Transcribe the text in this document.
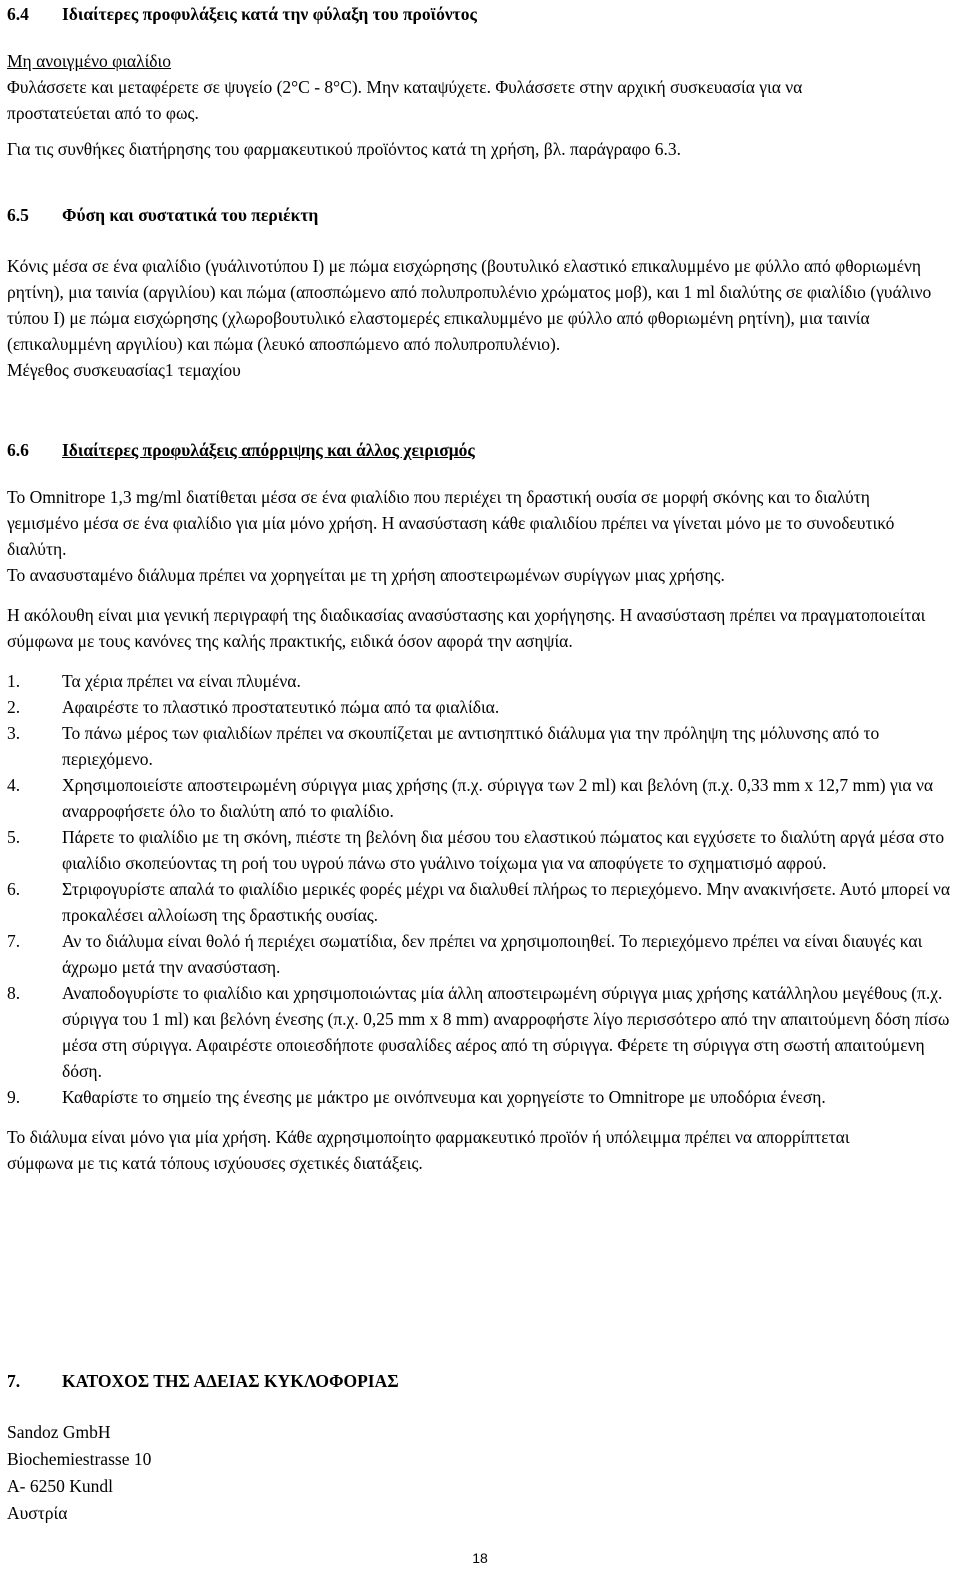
6.4 Ιδιαίτερες προφυλάξεις κατά την φύλαξη του προϊόντος

Μη ανοιγμένο φιαλίδιο

Φυλάσσετε και μεταφέρετε σε ψυγείο (2°C - 8°C). Μην καταψύχετε. Φυλάσσετε στην αρχική συσκευασία για να προστατεύεται από το φως.

Για τις συνθήκες διατήρησης του φαρμακευτικού προϊόντος κατά τη χρήση, βλ. παράγραφο 6.3.

6.5 Φύση και συστατικά του περιέκτη

Κόνις μέσα σε ένα φιαλίδιο (γυάλινοτύπου I) με πώμα εισχώρησης (βουτυλικό ελαστικό επικαλυμμένο με φύλλο από φθοριωμένη ρητίνη), μια ταινία (αργιλίου) και πώμα (αποσπώμενο από πολυπροπυλένιο χρώματος μοβ), και 1 ml διαλύτης σε φιαλίδιο (γυάλινο τύπου I) με πώμα εισχώρησης (χλωροβουτυλικό ελαστομερές επικαλυμμένο με φύλλο από φθοριωμένη ρητίνη), μια ταινία (επικαλυμμένη αργιλίου) και πώμα (λευκό αποσπώμενο από πολυπροπυλένιο).

Μέγεθος συσκευασίας1 τεμαχίου

6.6 Ιδιαίτερες προφυλάξεις απόρριψης και άλλος χειρισμός

Το Omnitrope 1,3 mg/ml διατίθεται μέσα σε ένα φιαλίδιο που περιέχει τη δραστική ουσία σε μορφή σκόνης και το διαλύτη γεμισμένο μέσα σε ένα φιαλίδιο για μία μόνο χρήση. Η ανασύσταση κάθε φιαλιδίου πρέπει να γίνεται μόνο με το συνοδευτικό διαλύτη.

Το ανασυσταμένο διάλυμα πρέπει να χορηγείται με τη χρήση αποστειρωμένων συρίγγων μιας χρήσης.

Η ακόλουθη είναι μια γενική περιγραφή της διαδικασίας ανασύστασης και χορήγησης. Η ανασύσταση πρέπει να πραγματοποιείται σύμφωνα με τους κανόνες της καλής πρακτικής, ειδικά όσον αφορά την ασηψία.

1. Τα χέρια πρέπει να είναι πλυμένα.
2. Αφαιρέστε το πλαστικό προστατευτικό πώμα από τα φιαλίδια.
3. Το πάνω μέρος των φιαλιδίων πρέπει να σκουπίζεται με αντισηπτικό διάλυμα για την πρόληψη της μόλυνσης από το περιεχόμενο.
4. Χρησιμοποιείστε αποστειρωμένη σύριγγα μιας χρήσης (π.χ. σύριγγα των 2 ml) και βελόνη (π.χ. 0,33 mm x 12,7 mm) για να αναρροφήσετε όλο το διαλύτη από το φιαλίδιο.
5. Πάρετε το φιαλίδιο με τη σκόνη, πιέστε τη βελόνη δια μέσου του ελαστικού πώματος και εγχύσετε το διαλύτη αργά μέσα στο φιαλίδιο σκοπεύοντας τη ροή του υγρού πάνω στο γυάλινο τοίχωμα για να αποφύγετε το σχηματισμό αφρού.
6. Στριφογυρίστε απαλά το φιαλίδιο μερικές φορές μέχρι να διαλυθεί πλήρως το περιεχόμενο. Μην ανακινήσετε. Αυτό μπορεί να προκαλέσει αλλοίωση της δραστικής ουσίας.
7. Αν το διάλυμα είναι θολό ή περιέχει σωματίδια, δεν πρέπει να χρησιμοποιηθεί. Το περιεχόμενο πρέπει να είναι διαυγές και άχρωμο μετά την ανασύσταση.
8. Αναποδογυρίστε το φιαλίδιο και χρησιμοποιώντας μία άλλη αποστειρωμένη σύριγγα μιας χρήσης κατάλληλου μεγέθους (π.χ. σύριγγα του 1 ml) και βελόνη ένεσης (π.χ. 0,25 mm x 8 mm) αναρροφήστε λίγο περισσότερο από την απαιτούμενη δόση πίσω μέσα στη σύριγγα. Αφαιρέστε οποιεσδήποτε φυσαλίδες αέρος από τη σύριγγα. Φέρετε τη σύριγγα στη σωστή απαιτούμενη δόση.
9. Καθαρίστε το σημείο της ένεσης με μάκτρο με οινόπνευμα και χορηγείστε το Omnitrope με υποδόρια ένεση.

Το διάλυμα είναι μόνο για μία χρήση. Κάθε αχρησιμοποίητο φαρμακευτικό προϊόν ή υπόλειμμα πρέπει να απορρίπτεται σύμφωνα με τις κατά τόπους ισχύουσες σχετικές διατάξεις.

7. ΚΑΤΟΧΟΣ ΤΗΣ ΑΔΕΙΑΣ ΚΥΚΛΟΦΟΡΙΑΣ

Sandoz GmbH

Biochemiestrasse 10

A- 6250 Kundl

Αυστρία

18
